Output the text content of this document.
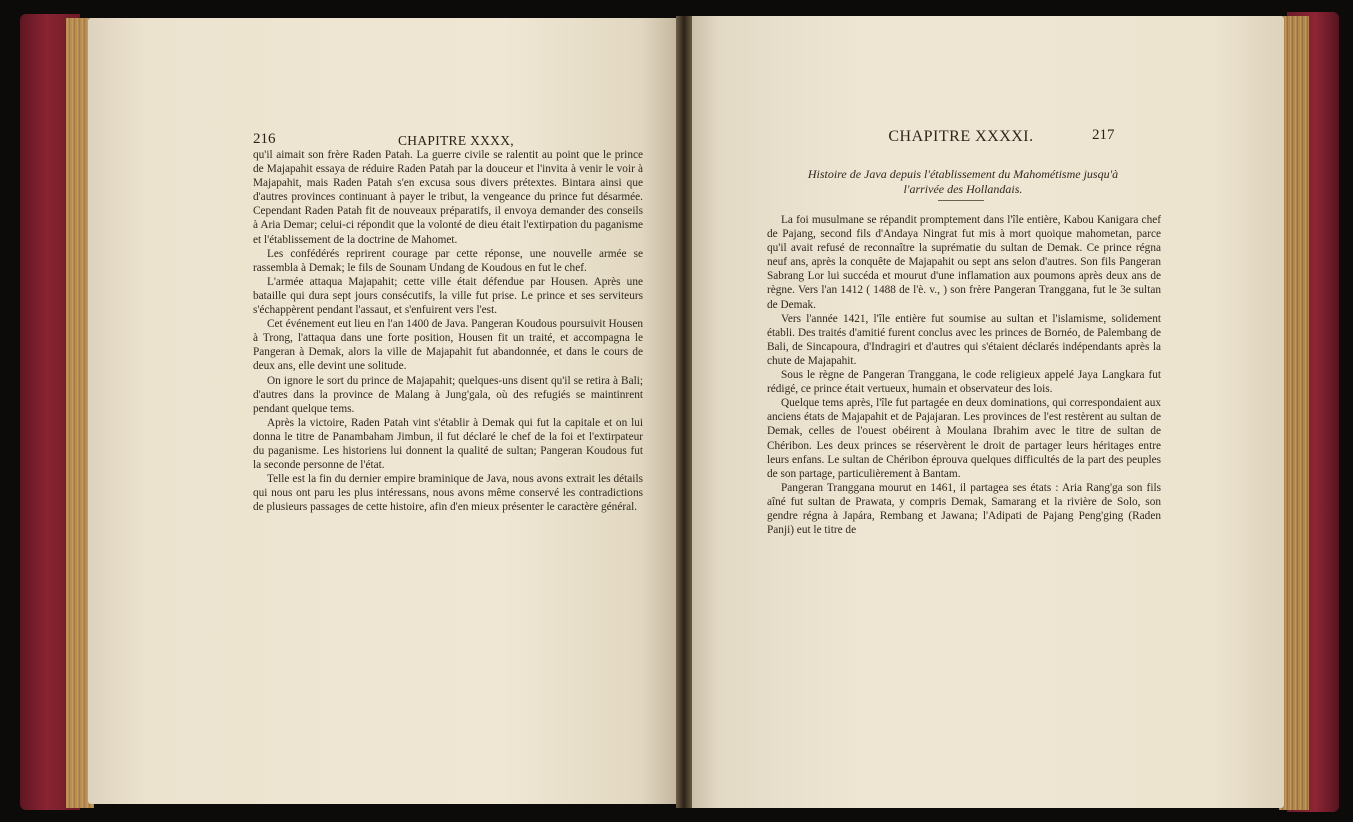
216	CHAPITRE XXXX,

qu'il aimait son frère Raden Patah. La guerre civile se ralentit au point que le prince de Majapahit essaya de réduire Raden Patah par la douceur et l'invita à venir le voir à Majapahit, mais Raden Patah s'en excusa sous divers prétextes. Bintara ainsi que d'autres provinces continuant à payer le tribut, la vengeance du prince fut désarmée. Cependant Raden Patah fit de nouveaux préparatifs, il envoya demander des conseils à Aria Demar; celui-ci répondit que la volonté de dieu était l'extirpation du paganisme et l'établissement de la doctrine de Mahomet.

Les confédérés reprirent courage par cette réponse, une nouvelle armée se rassembla à Demak; le fils de Sounam Undang de Koudous en fut le chef.

L'armée attaqua Majapahit; cette ville était défendue par Housen. Après une bataille qui dura sept jours consécutifs, la ville fut prise. Le prince et ses serviteurs s'échappèrent pendant l'assaut, et s'enfuirent vers l'est.

Cet événement eut lieu en l'an 1400 de Java. Pangeran Koudous poursuivit Housen à Trong, l'attaqua dans une forte position, Housen fit un traité, et accompagna le Pangeran à Demak, alors la ville de Majapahit fut abandonnée, et dans le cours de deux ans, elle devint une solitude.

On ignore le sort du prince de Majapahit; quelques-uns disent qu'il se retira à Bali; d'autres dans la province de Malang à Jung'gala, où des refugiés se maintinrent pendant quelque tems.

Après la victoire, Raden Patah vint s'établir à Demak qui fut la capitale et on lui donna le titre de Panambaham Jimbun, il fut déclaré le chef de la foi et l'extirpateur du paganisme. Les historiens lui donnent la qualité de sultan; Pangeran Koudous fut la seconde personne de l'état.

Telle est la fin du dernier empire braminique de Java, nous avons extrait les détails qui nous ont paru les plus intéressans, nous avons même conservé les contradictions de plusieurs passages de cette histoire, afin d'en mieux présenter le caractère général.

217
CHAPITRE XXXXI.
Histoire de Java depuis l'établissement du Mahométisme jusqu'à l'arrivée des Hollandais.

La foi musulmane se répandit promptement dans l'île entière, Kabou Kanigara chef de Pajang, second fils d'Andaya Ningrat fut mis à mort quoique mahometan, parce qu'il avait refusé de reconnaître la suprématie du sultan de Demak. Ce prince régna neuf ans, après la conquête de Majapahit ou sept ans selon d'autres. Son fils Pangeran Sabrang Lor lui succéda et mourut d'une inflamation aux poumons après deux ans de règne. Vers l'an 1412 ( 1488 de l'è. v., ) son frère Pangeran Tranggana, fut le 3e sultan de Demak.

Vers l'année 1421, l'île entière fut soumise au sultan et l'islamisme, solidement établi. Des traités d'amitié furent conclus avec les princes de Bornéo, de Palembang de Bali, de Sincapoura, d'Indragiri et d'autres qui s'étaient déclarés indépendants après la chute de Majapahit.

Sous le règne de Pangeran Tranggana, le code religieux appelé Jaya Langkara fut rédigé, ce prince était vertueux, humain et observateur des lois.

Quelque tems après, l'île fut partagée en deux dominations, qui correspondaient aux anciens états de Majapahit et de Pajajaran. Les provinces de l'est restèrent au sultan de Demak, celles de l'ouest obéirent à Moulana Ibrahim avec le titre de sultan de Chéribon. Les deux princes se réservèrent le droit de partager leurs héritages entre leurs enfans. Le sultan de Chéribon éprouva quelques difficultés de la part des peuples de son partage, particulièrement à Bantam.

Pangeran Tranggana mourut en 1461, il partagea ses états : Aria Rang'ga son fils aîné fut sultan de Prawata, y compris Demak, Samarang et la rivière de Solo, son gendre régna à Japára, Rembang et Jawana; l'Adipati de Pajang Peng'ging (Raden Panji) eut le titre de
